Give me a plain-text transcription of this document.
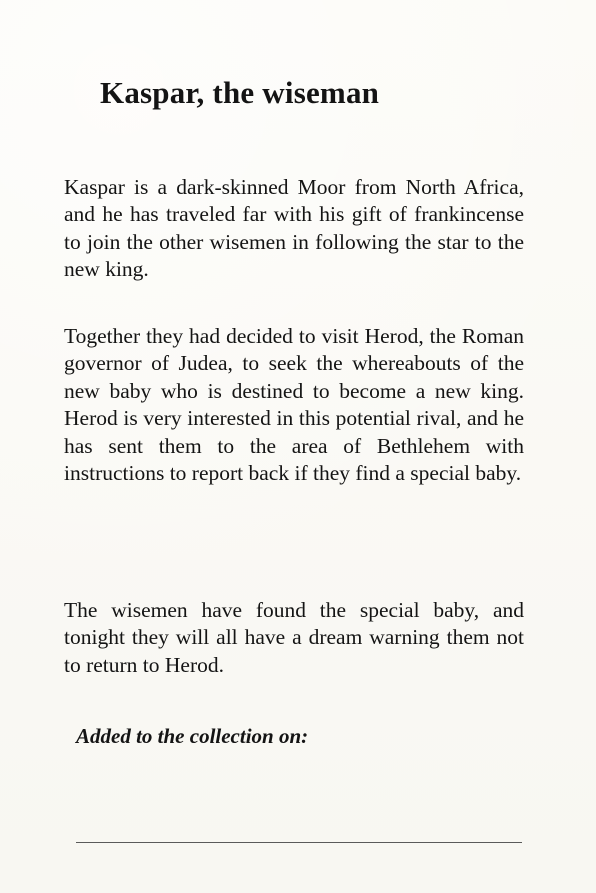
Kaspar, the wiseman

Kaspar is a dark-skinned Moor from North Africa, and he has traveled far with his gift of frankincense to join the other wisemen in following the star to the new king.

Together they had decided to visit Herod, the Roman governor of Judea, to seek the whereabouts of the new baby who is destined to become a new king. Herod is very interested in this potential rival, and he has sent them to the area of Bethlehem with instructions to report back if they find a special baby.

The wisemen have found the special baby, and tonight they will all have a dream warning them not to return to Herod.

Added to the collection on:
